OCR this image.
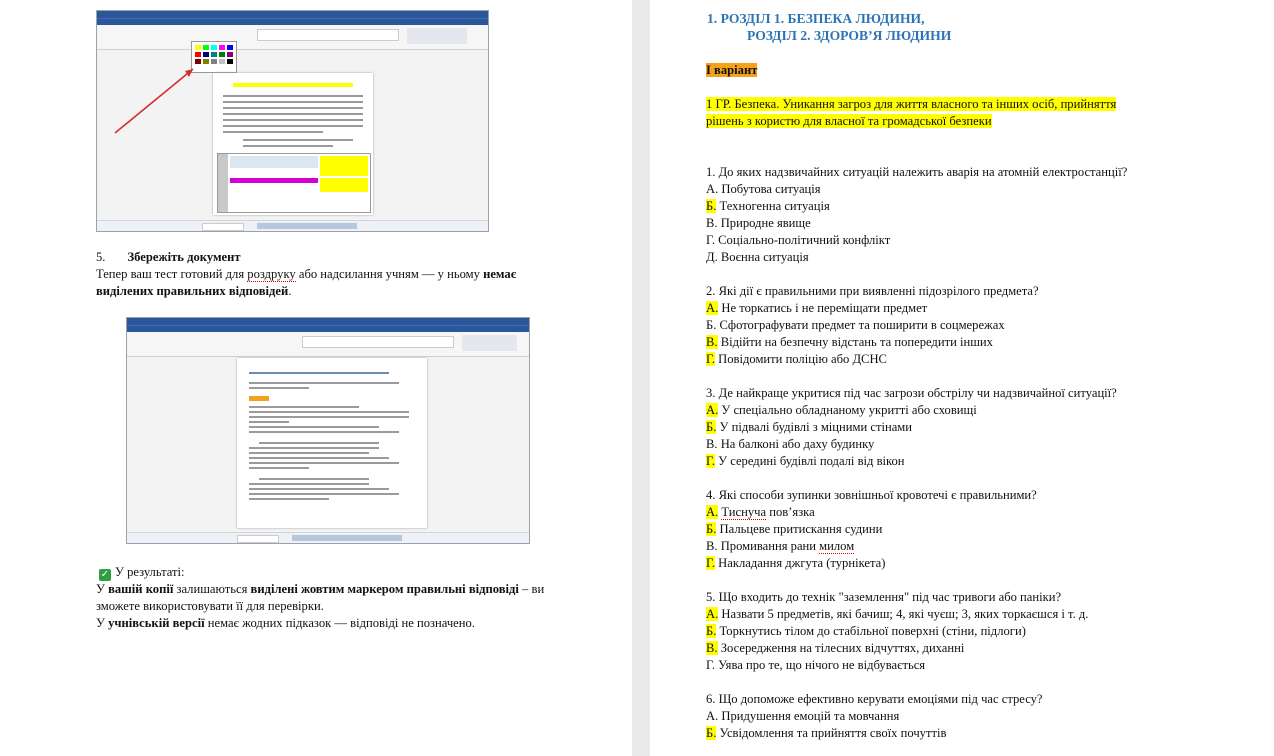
5. Збережіть документ
Тепер ваш тест готовий для роздруку або надсилання учням — у ньому немає
виділених правильних відповідей.
✓ У результаті:
У вашій копії залишаються виділені жовтим маркером правильні відповіді – ви
зможете використовувати її для перевірки.
У учнівській версії немає жодних підказок — відповіді не позначено.
1. РОЗДІЛ 1. БЕЗПЕКА ЛЮДИНИ,
РОЗДІЛ 2. ЗДОРОВ’Я ЛЮДИНИ
І варіант
1 ГР. Безпека. Уникання загроз для життя власного та інших осіб, прийняття
рішень з користю для власної та громадської безпеки
1. До яких надзвичайних ситуацій належить аварія на атомній електростанції?
А. Побутова ситуація
Б. Техногенна ситуація
В. Природне явище
Г. Соціально-політичний конфлікт
Д. Воєнна ситуація
2. Які дії є правильними при виявленні підозрілого предмета?
А. Не торкатись і не переміщати предмет
Б. Сфотографувати предмет та поширити в соцмережах
В. Відійти на безпечну відстань та попередити інших
Г. Повідомити поліцію або ДСНС
3. Де найкраще укритися під час загрози обстрілу чи надзвичайної ситуації?
А. У спеціально обладнаному укритті або сховищі
Б. У підвалі будівлі з міцними стінами
В. На балконі або даху будинку
Г. У середині будівлі подалі від вікон
4. Які способи зупинки зовнішньої кровотечі є правильними?
А. Тиснуча пов’язка
Б. Пальцеве притискання судини
В. Промивання рани милом
Г. Накладання джгута (турнікета)
5. Що входить до технік "заземлення" під час тривоги або паніки?
А. Назвати 5 предметів, які бачиш; 4, які чуєш; 3, яких торкаєшся і т. д.
Б. Торкнутись тілом до стабільної поверхні (стіни, підлоги)
В. Зосередження на тілесних відчуттях, диханні
Г. Уява про те, що нічого не відбувається
6. Що допоможе ефективно керувати емоціями під час стресу?
А. Придушення емоцій та мовчання
Б. Усвідомлення та прийняття своїх почуттів
